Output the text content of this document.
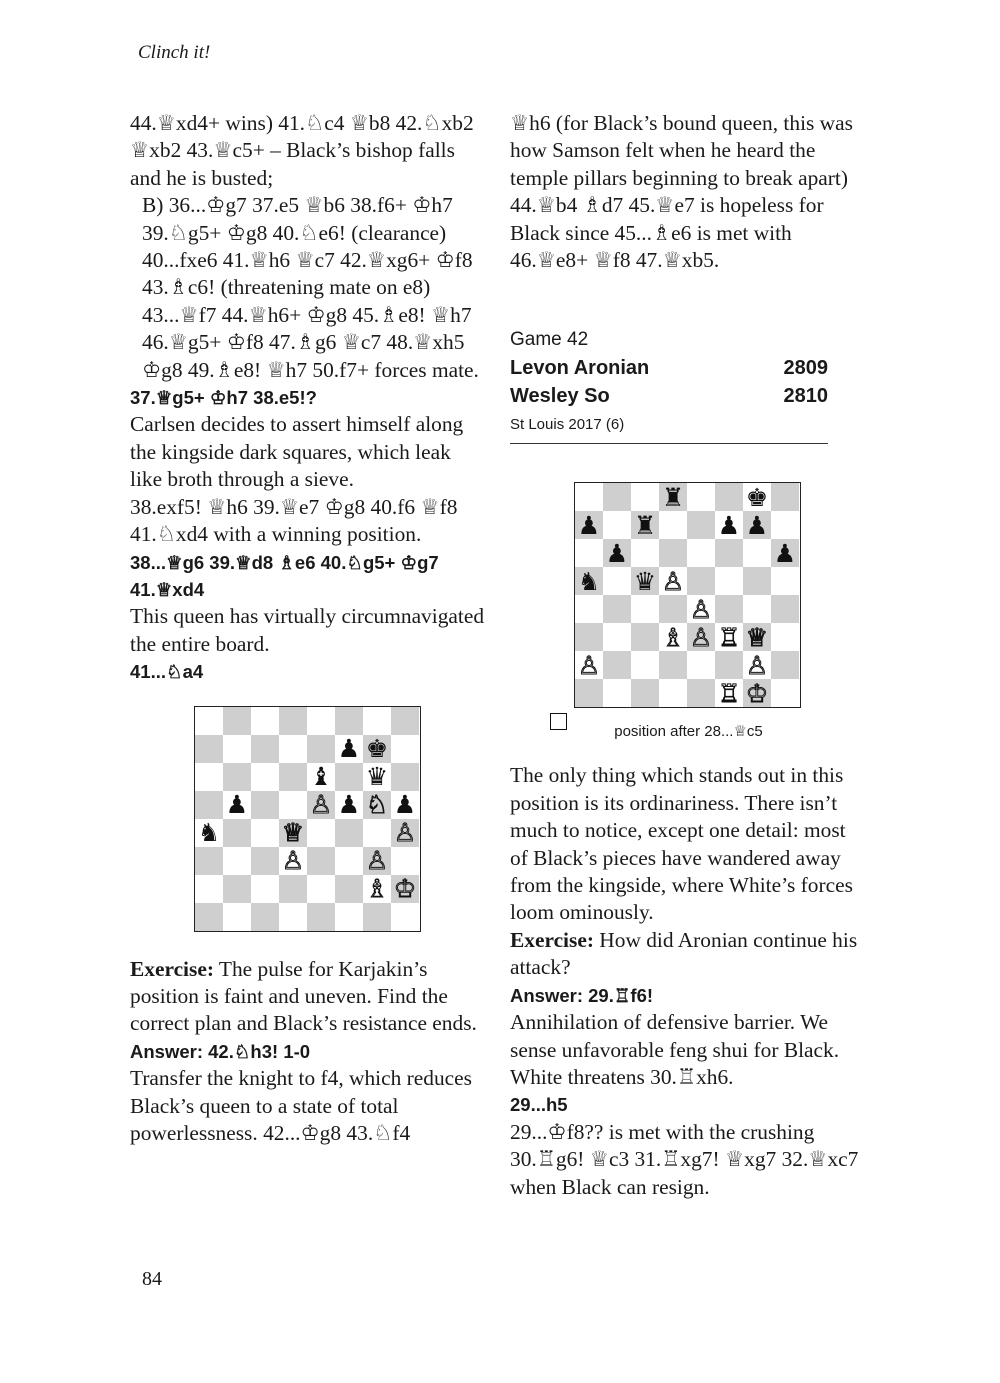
Clinch it!

44.♕xd4+ wins) 41.♘c4 ♕b8 42.♘xb2 ♕xb2 43.♕c5+ – Black’s bishop falls and he is busted;

B) 36...♔g7 37.e5 ♕b6 38.f6+ ♔h7 39.♘g5+ ♔g8 40.♘e6! (clearance) 40...fxe6 41.♕h6 ♕c7 42.♕xg6+ ♔f8 43.♗c6! (threatening mate on e8) 43...♕f7 44.♕h6+ ♔g8 45.♗e8! ♕h7 46.♕g5+ ♔f8 47.♗g6 ♕c7 48.♕xh5 ♔g8 49.♗e8! ♕h7 50.f7+ forces mate.

37.♕g5+ ♔h7 38.e5!?

Carlsen decides to assert himself along the kingside dark squares, which leak like broth through a sieve.

38.exf5! ♕h6 39.♕e7 ♔g8 40.f6 ♕f8 41.♘xd4 with a winning position.

38...♕g6 39.♕d8 ♗e6 40.♘g5+ ♔g7 41.♕xd4

This queen has virtually circumnavigated the entire board.

41...♘a4

♟ ♚
♝ ♛
♟ ♙ ♟ ♘ ♟
♞ ♕	♙
♙ ♙
♗ ♔

Exercise: The pulse for Karjakin’s position is faint and uneven. Find the correct plan and Black’s resistance ends.

Answer: 42.♘h3! 1-0

Transfer the knight to f4, which reduces Black’s queen to a state of total powerlessness. 42...♔g8 43.♘f4

♕h6 (for Black’s bound queen, this was how Samson felt when he heard the temple pillars beginning to break apart) 44.♕b4 ♗d7 45.♕e7 is hopeless for Black since 45...♗e6 is met with 46.♕e8+ ♕f8 47.♕xb5.

Game 42
Levon Aronian	2809
Wesley So	2810
St Louis 2017 (6)
♜ ♚
♟ ♜ ♟ ♟
♟	♟
♞ ♛ ♙
♙
♗ ♙ ♖ ♕
♙	♙
♖ ♔
position after 28...♕c5

The only thing which stands out in this position is its ordinariness. There isn’t much to notice, except one detail: most of Black’s pieces have wandered away from the kingside, where White’s forces loom ominously.

Exercise: How did Aronian continue his attack?

Answer: 29.♖f6!

Annihilation of defensive barrier. We sense unfavorable feng shui for Black. White threatens 30.♖xh6.

29...h5

29...♔f8?? is met with the crushing 30.♖g6! ♕c3 31.♖xg7! ♕xg7 32.♕xc7 when Black can resign.

84
